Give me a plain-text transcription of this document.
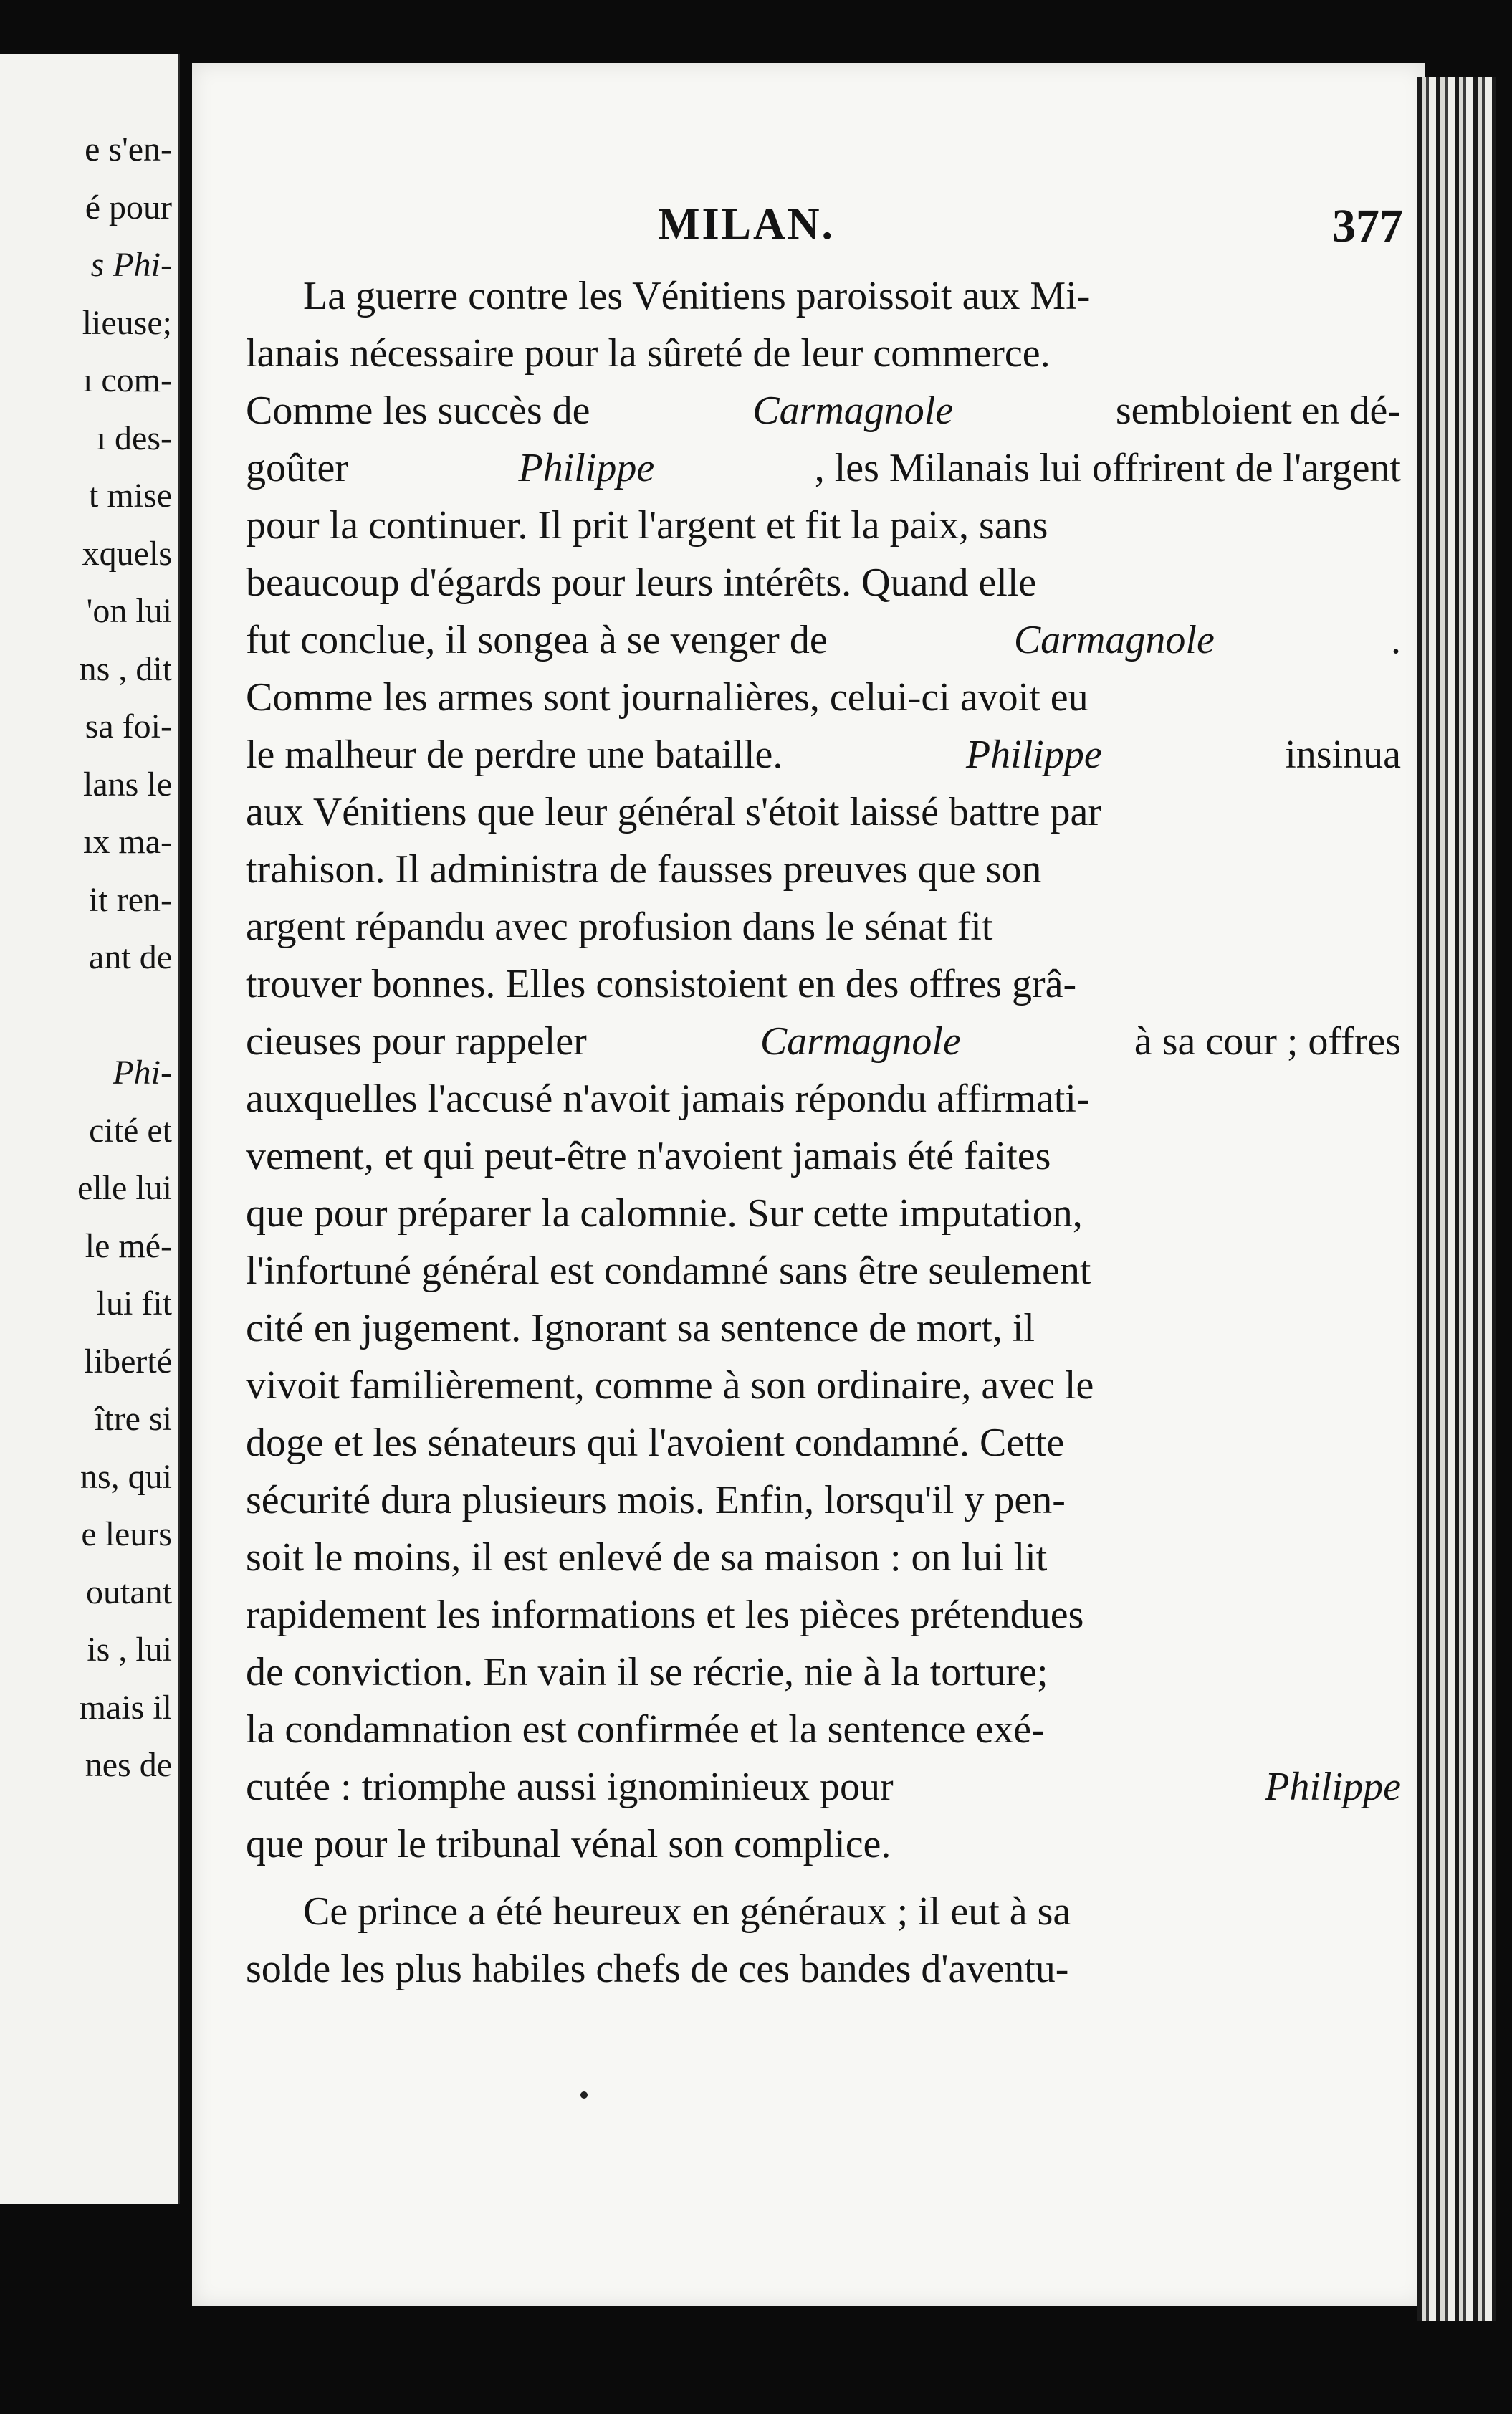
e s'en-
é pour
s Phi-
lieuse;
ı com-
ı des-
t mise
xquels
'on lui
ns , dit
sa foi-
lans le
ıx ma-
it ren-
ant de
Phi-
cité et
elle lui
le mé-
lui fit
liberté
ître si
ns, qui
e leurs
outant
is , lui
mais il
nes de
MILAN.	377
La guerre contre les Vénitiens paroissoit aux Mi-
lanais nécessaire pour la sûreté de leur commerce.
Comme les succès de	Carmagnole	sembloient en dé-
goûter	Philippe	, les Milanais lui offrirent de l'argent
pour la continuer. Il prit l'argent et fit la paix, sans
beaucoup d'égards pour leurs intérêts. Quand elle
fut conclue, il songea à se venger de	Carmagnole	.
Comme les armes sont journalières, celui-ci avoit eu
le malheur de perdre une bataille.	Philippe	insinua
aux Vénitiens que leur général s'étoit laissé battre par
trahison. Il administra de fausses preuves que son
argent répandu avec profusion dans le sénat fit
trouver bonnes. Elles consistoient en des offres grâ-
cieuses pour rappeler	Carmagnole	à sa cour ; offres
auxquelles l'accusé n'avoit jamais répondu affirmati-
vement, et qui peut-être n'avoient jamais été faites
que pour préparer la calomnie. Sur cette imputation,
l'infortuné général est condamné sans être seulement
cité en jugement. Ignorant sa sentence de mort, il
vivoit familièrement, comme à son ordinaire, avec le
doge et les sénateurs qui l'avoient condamné. Cette
sécurité dura plusieurs mois. Enfin, lorsqu'il y pen-
soit le moins, il est enlevé de sa maison : on lui lit
rapidement les informations et les pièces prétendues
de conviction. En vain il se récrie, nie à la torture;
la condamnation est confirmée et la sentence exé-
cutée : triomphe aussi ignominieux pour	Philippe
que pour le tribunal vénal son complice.
Ce prince a été heureux en généraux ; il eut à sa
solde les plus habiles chefs de ces bandes d'aventu-
